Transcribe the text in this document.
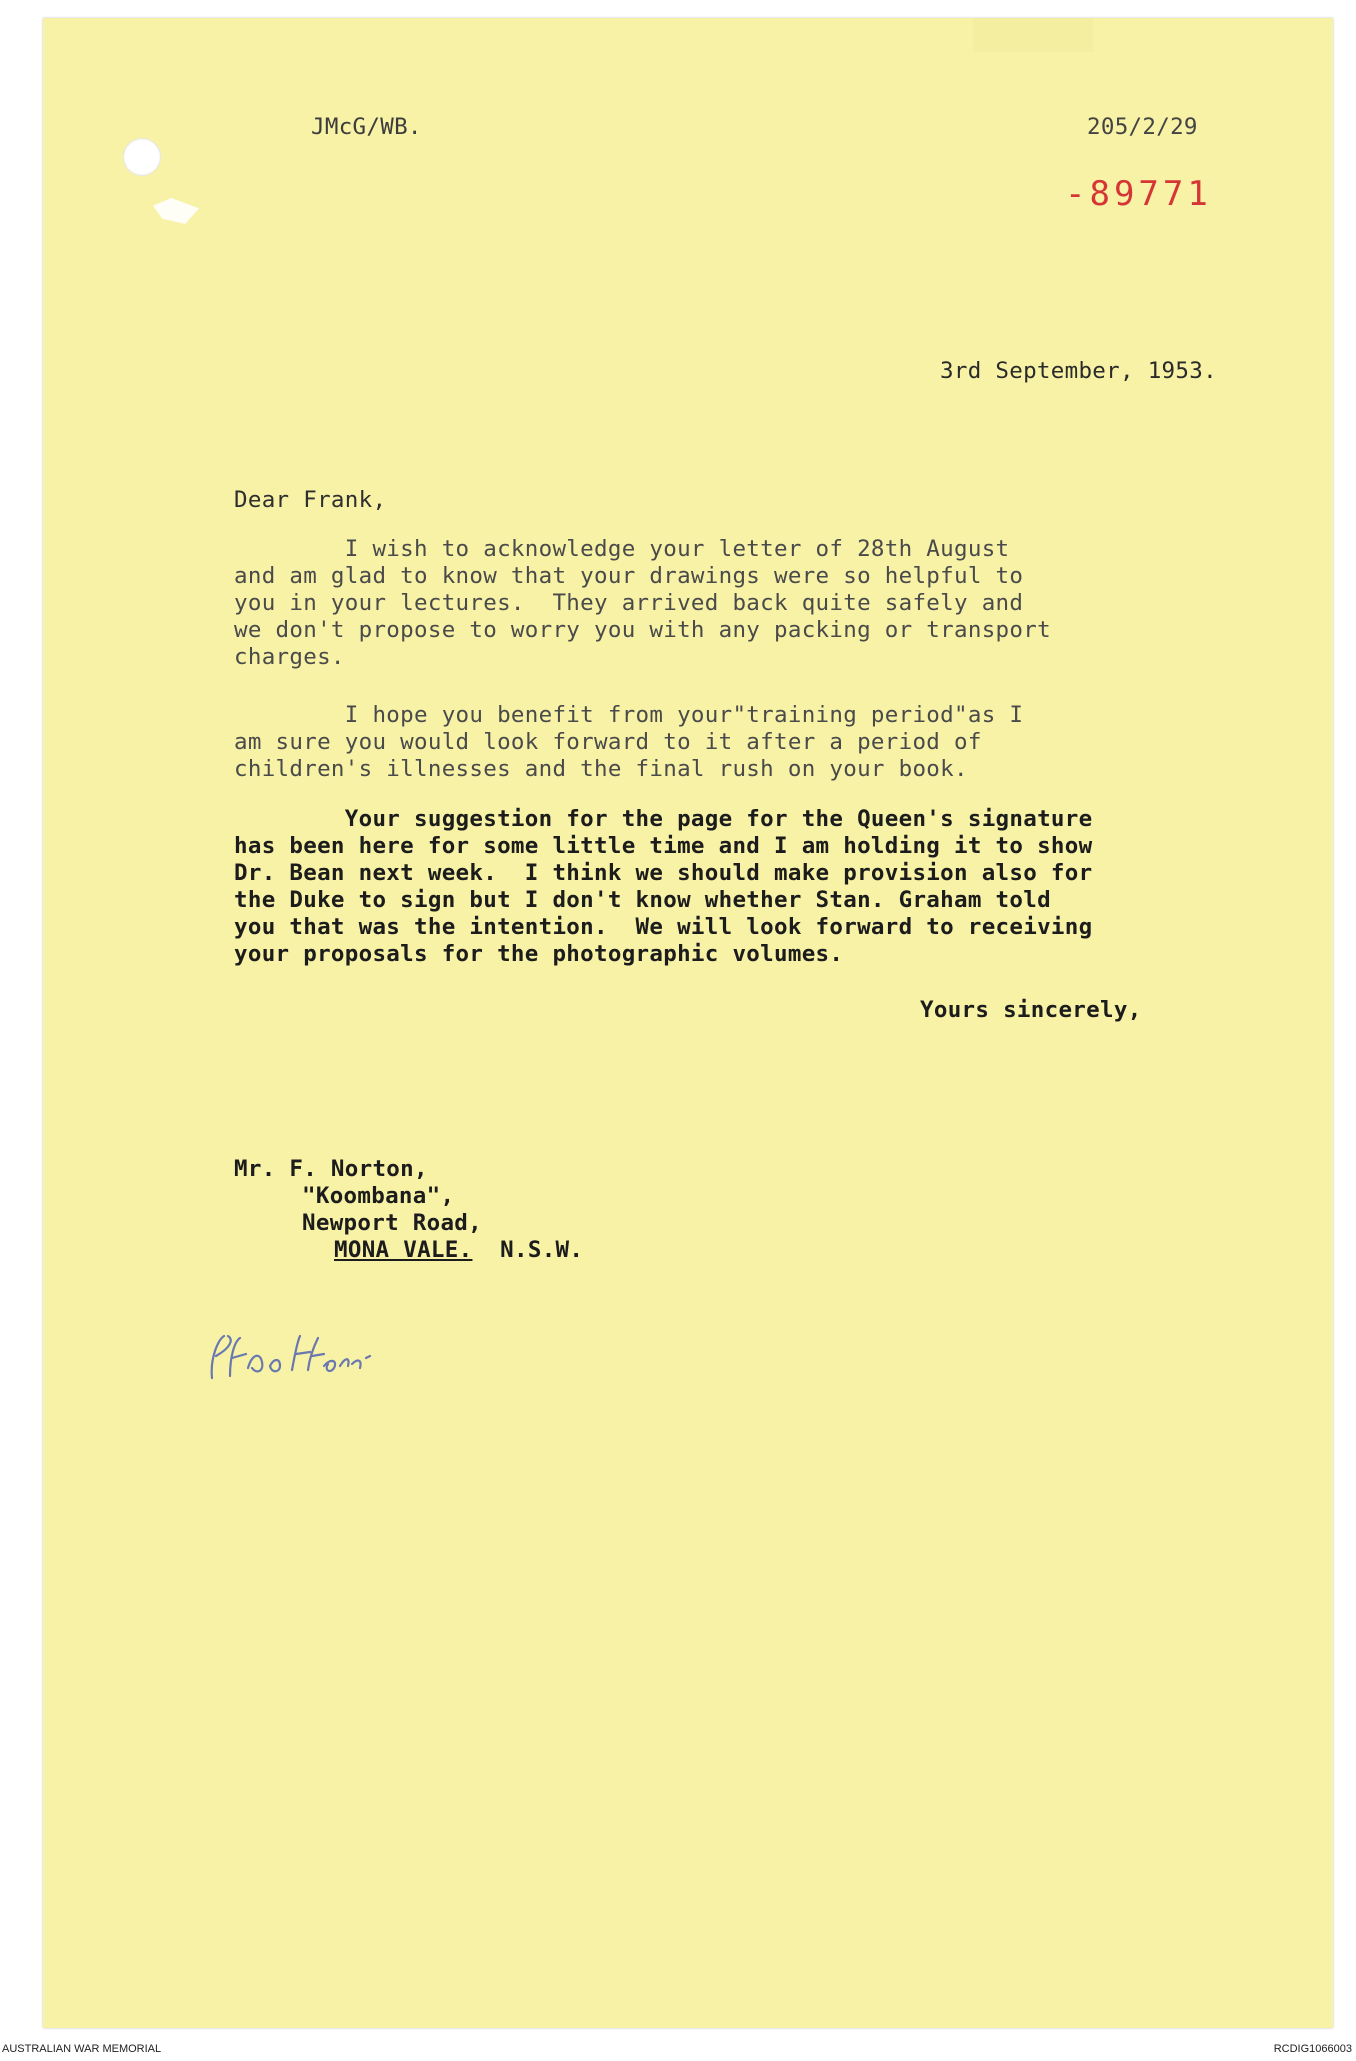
JMcG/WB.	205/2/29
-89771
3rd September, 1953.
Dear Frank,
I wish to acknowledge your letter of 28th August
and am glad to know that your drawings were so helpful to
you in your lectures.  They arrived back quite safely and
we don't propose to worry you with any packing or transport
charges.
I hope you benefit from your"training period"as I
am sure you would look forward to it after a period of
children's illnesses and the final rush on your book.
Your suggestion for the page for the Queen's signature
has been here for some little time and I am holding it to show
Dr. Bean next week.  I think we should make provision also for
the Duke to sign but I don't know whether Stan. Graham told
you that was the intention.  We will look forward to receiving
your proposals for the photographic volumes.
Yours sincerely,
Mr. F. Norton,
"Koombana",
Newport Road,
MONA VALE. N.S.W.
AUSTRALIAN WAR MEMORIAL	RCDIG1066003
